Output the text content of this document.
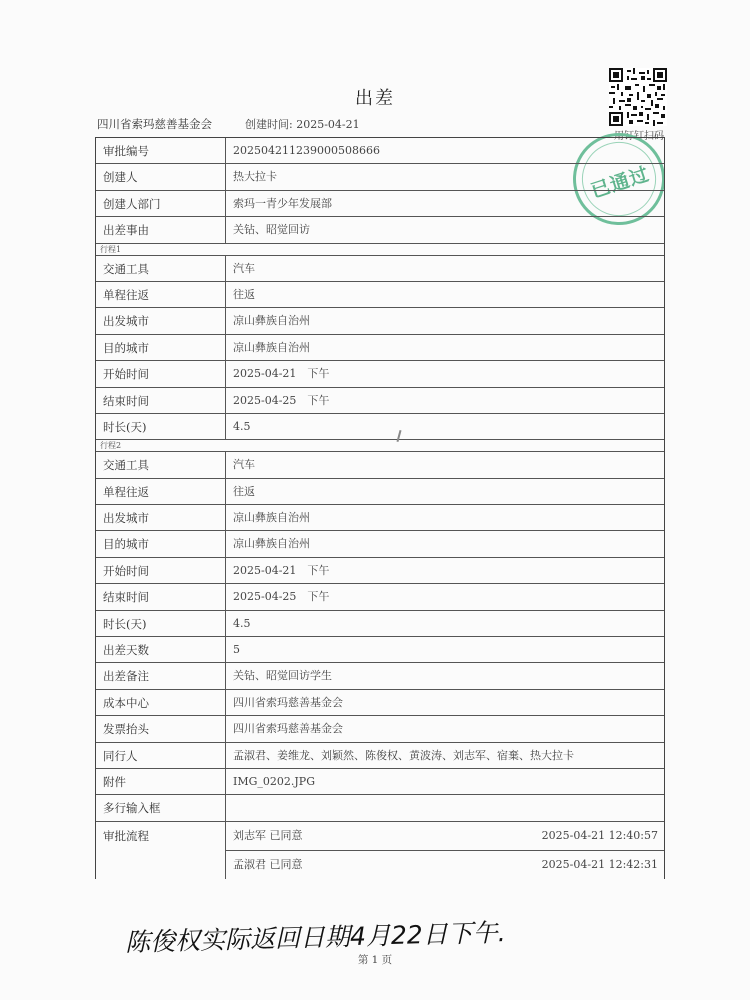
出差
四川省索玛慈善基金会	创建时间: 2025-04-21
用钉钉扫码
已通过
审批编号	202504211239000508666
创建人	热大拉卡
创建人部门	索玛一青少年发展部
出差事由	关钻、昭觉回访
行程1
交通工具	汽车
单程往返	往返
出发城市	凉山彝族自治州
目的城市	凉山彝族自治州
开始时间	2025-04-21　下午
结束时间	2025-04-25　下午
时长(天)	4.5
行程2
交通工具	汽车
单程往返	往返
出发城市	凉山彝族自治州
目的城市	凉山彝族自治州
开始时间	2025-04-21　下午
结束时间	2025-04-25　下午
时长(天)	4.5
出差天数	5
出差备注	关钻、昭觉回访学生
成本中心	四川省索玛慈善基金会
发票抬头	四川省索玛慈善基金会
同行人	孟淑君、姜维龙、刘颖然、陈俊权、黄波涛、刘志军、宿棄、热大拉卡
附件	IMG_0202.JPG
多行输入框
审批流程	刘志军 已同意	2025-04-21 12:40:57
孟淑君 已同意	2025-04-21 12:42:31
陈俊权实际返回日期4月22日下午.
第 1 页
